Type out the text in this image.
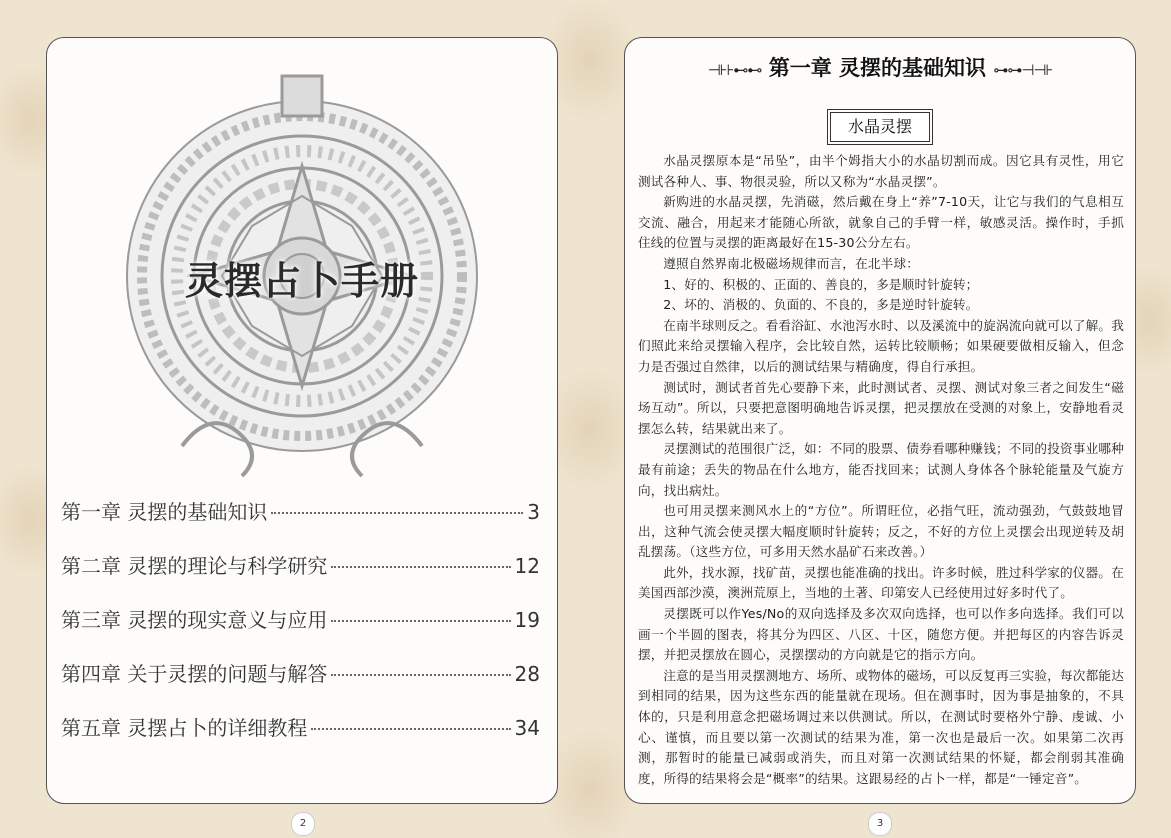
灵摆占卜手册
第一章 灵摆的基础知识	3
第二章 灵摆的理论与科学研究	12
第三章 灵摆的现实意义与应用	19
第四章 关于灵摆的问题与解答	28
第五章 灵摆占卜的详细教程	34
⊣⊦⊦⊷⊷ 第一章 灵摆的基础知识 ⊶⊶⊣⊣⊦
水晶灵摆

水晶灵摆原本是“吊坠”，由半个姆指大小的水晶切割而成。因它具有灵性，用它测试各种人、事、物很灵验，所以又称为“水晶灵摆”。

新购进的水晶灵摆，先消磁，然后戴在身上“养”7-10天，让它与我们的气息相互交流、融合，用起来才能随心所欲，就象自己的手臂一样，敏感灵活。操作时，手抓住线的位置与灵摆的距离最好在15-30公分左右。

遵照自然界南北极磁场规律而言，在北半球：

1、好的、积极的、正面的、善良的，多是顺时针旋转；

2、坏的、消极的、负面的、不良的，多是逆时针旋转。

在南半球则反之。看看浴缸、水池泻水时、以及溪流中的旋涡流向就可以了解。我们照此来给灵摆输入程序，会比较自然，运转比较顺畅；如果硬要做相反输入，但念力是否强过自然律，以后的测试结果与精确度，得自行承担。

测试时，测试者首先心要静下来，此时测试者、灵摆、测试对象三者之间发生“磁场互动”。所以，只要把意图明确地告诉灵摆，把灵摆放在受测的对象上，安静地看灵摆怎么转，结果就出来了。

灵摆测试的范围很广泛，如：不同的股票、债券看哪种赚钱；不同的投资事业哪种最有前途；丢失的物品在什么地方，能否找回来；试测人身体各个脉轮能量及气旋方向，找出病灶。

也可用灵摆来测风水上的“方位”。所谓旺位，必指气旺，流动强劲，气鼓鼓地冒出，这种气流会使灵摆大幅度顺时针旋转；反之，不好的方位上灵摆会出现逆转及胡乱摆荡。（这些方位，可多用天然水晶矿石来改善。）

此外，找水源，找矿苗，灵摆也能准确的找出。许多时候，胜过科学家的仪器。在美国西部沙漠，澳洲荒原上，当地的土著、印第安人已经使用过好多时代了。

灵摆既可以作Yes/No的双向选择及多次双向选择，也可以作多向选择。我们可以画一个半圆的图表，将其分为四区、八区、十区，随您方便。并把每区的内容告诉灵摆，并把灵摆放在圆心，灵摆摆动的方向就是它的指示方向。

注意的是当用灵摆测地方、场所、或物体的磁场，可以反复再三实验，每次都能达到相同的结果，因为这些东西的能量就在现场。但在测事时，因为事是抽象的，不具体的，只是利用意念把磁场调过来以供测试。所以，在测试时要格外宁静、虔诚、小心、谨慎，而且要以第一次测试的结果为准，第一次也是最后一次。如果第二次再测，那暂时的能量已减弱或消失，而且对第一次测试结果的怀疑，都会削弱其准确度，所得的结果将会是“概率”的结果。这跟易经的占卜一样，都是“一锤定音”。

2	3
